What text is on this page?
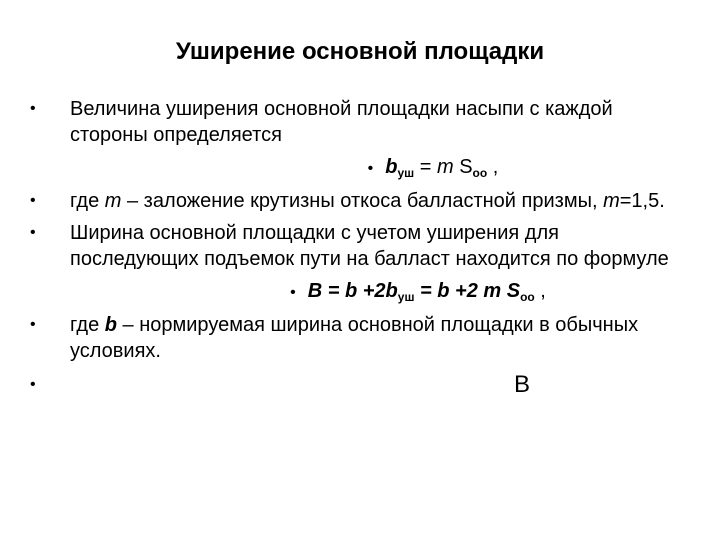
Уширение основной площадки
• Величина уширения основной площадки насыпи с каждой стороны определяется
• $b_{уш} = m$ $S_{оо}$ ,
• где m – заложение крутизны откоса балластной призмы, m=1,5.
• Ширина основной площадки с учетом уширения для последующих подъемок пути на балласт находится по формуле
• $B = b +2b_{уш} = b +2$ m $S_{оо}$ ,
• где b – нормируемая ширина основной площадки в обычных условиях.
•	В
